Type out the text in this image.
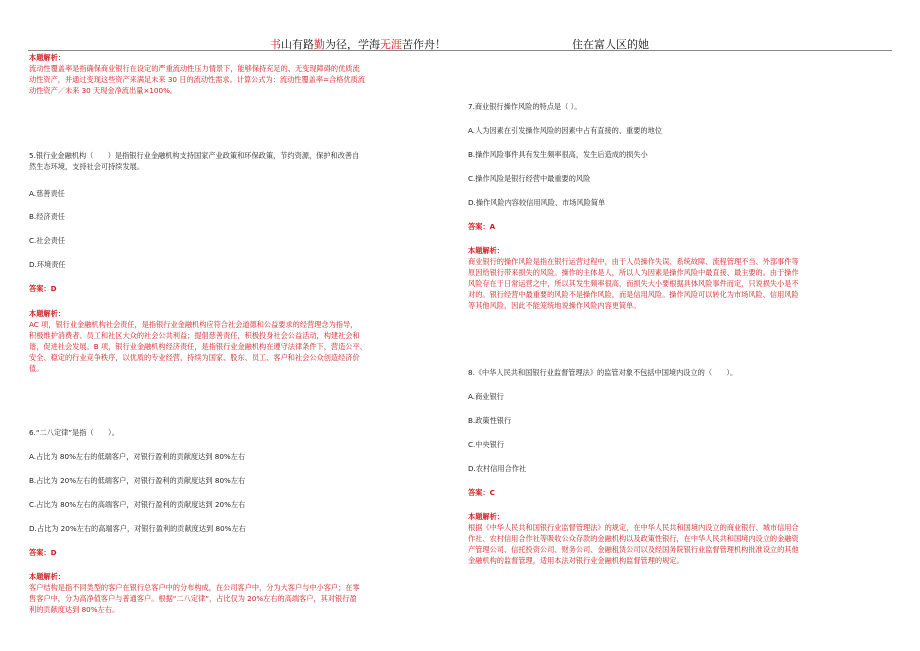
书山有路勤为径，学海无涯苦作舟！	住在富人区的她

本题解析：

流动性覆盖率是指确保商业银行在设定的严重流动性压力情景下，能够保持充足的、无变现障碍的优质流

动性资产，并通过变现这些资产来满足未来 30 日的流动性需求。计算公式为：流动性覆盖率=合格优质流

动性资产／未来 30 天现金净流出量×100%。

5.银行业金融机构（　　）是指银行业金融机构支持国家产业政策和环保政策，节约资源，保护和改善自

然生态环境，支持社会可持续发展。

A.慈善责任

B.经济责任

C.社会责任

D.环境责任

答案：D

本题解析：

AC 项，银行业金融机构社会责任，是指银行业金融机构应符合社会道德和公益要求的经营理念为指导，

积极维护消费者、员工和社区大众的社会公共利益；提倡慈善责任，积极投身社会公益活动，构建社会和

谐，促进社会发展。B 项，银行业金融机构经济责任，是指银行业金融机构在遵守法律条件下，营造公平、

安全、稳定的行业竞争秩序，以优质的专业经营，持续为国家、股东、员工、客户和社会公众创造经济价

值。

6.“二八定律”是指（　　）。

A.占比为 80%左右的低端客户，对银行盈利的贡献度达到 80%左右

B.占比为 20%左右的低端客户，对银行盈利的贡献度达到 80%左右

C.占比为 80%左右的高端客户，对银行盈利的贡献度达到 20%左右

D.占比为 20%左右的高端客户，对银行盈利的贡献度达到 80%左右

答案：D

本题解析：

客户结构是指不同类型的客户在银行总客户中的分布构成，在公司客户中，分为大客户与中小客户；在零

售客户中，分为高净值客户与普通客户。根据“二八定律”，占比仅为 20%左右的高端客户，其对银行盈

利的贡献度达到 80%左右。

7.商业银行操作风险的特点是（ ）。

A.人为因素在引发操作风险的因素中占有直接的、重要的地位

B.操作风险事件具有发生频率很高，发生后造成的损失小

C.操作风险是银行经营中最重要的风险

D.操作风险内容较信用风险、市场风险简单

答案：A

本题解析：

商业银行的操作风险是指在银行运营过程中，由于人员操作失误、系统故障、流程管理不当、外部事件等

原因给银行带来损失的风险。操作的主体是人，所以人为因素是操作风险中最直接、最主要的。由于操作

风险存在于日常运营之中，所以其发生频率很高，而损失大小要根据具体风险事件而定，只说损失小是不

对的。银行经营中最重要的风险不是操作风险，而是信用风险。操作风险可以转化为市场风险、信用风险

等其他风险，因此不能笼统地说操作风险内容更简单。

8.《中华人民共和国银行业监督管理法》的监管对象不包括中国境内设立的（　　）。

A.商业银行

B.政策性银行

C.中央银行

D.农村信用合作社

答案：C

本题解析：

根据《中华人民共和国银行业监督管理法》的规定，在中华人民共和国境内设立的商业银行、城市信用合

作社、农村信用合作社等吸收公众存款的金融机构以及政策性银行，在中华人民共和国境内设立的金融资

产管理公司、信托投资公司、财务公司、金融租赁公司以及经国务院银行业监督管理机构批准设立的其他

金融机构的监督管理，适用本法对银行业金融机构监督管理的规定。
